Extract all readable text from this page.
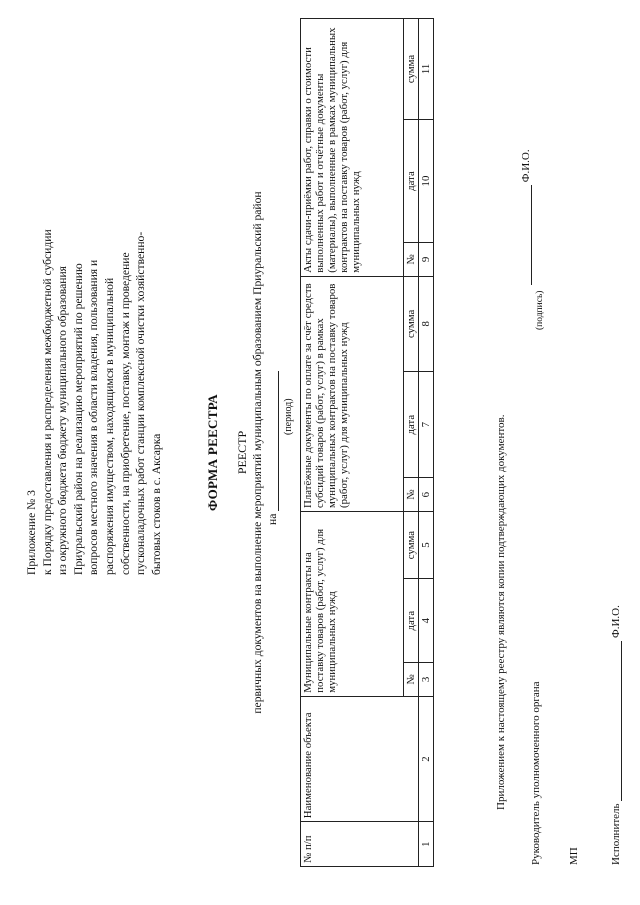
Приложение № 3 к Порядку предоставления и распределения межбюджетной субсидии из окружного бюджета бюджету муниципального образования Приуральский район на реализацию мероприятий по решению вопросов местного значения в области владения, пользования и распоряжения имуществом, находящимся в муниципальной собственности, на приобретение, поставку, монтаж и проведение пусконаладочных работ станции комплексной очистки хозяйственно- бытовых стоков в с. Аксарка	ФОРМА РЕЕСТРА РЕЕСТР первичных документов на выполнение мероприятий муниципальным образованием Приуральский район на
(период)
№ п/п	Наименование объекта	Муниципальные контракты на поставку товаров (работ, услуг) для муниципальных нужд			Платёжные документы по оплате за счёт средств субсидий товаров (работ, услуг) в рамках муниципальных контрактов на поставку товаров (работ, услуг) для муниципальных нужд			Акты сдачи-приёмки работ, справки о стоимости выполненных работ и отчётные документы (материалы), выполненные в рамках муниципальных контрактов на поставку товаров (работ, услуг) для муниципальных нужд		
		№	дата	сумма	№	дата	сумма	№	дата	сумма
1	2	3	4	5	6	7	8	9	10	11
Приложением к настоящему реестру являются копии подтверждающих документов. Руководитель уполномоченного органа
Ф.И.О.
(подпись)
МП	Исполнитель  Ф.И.О.
